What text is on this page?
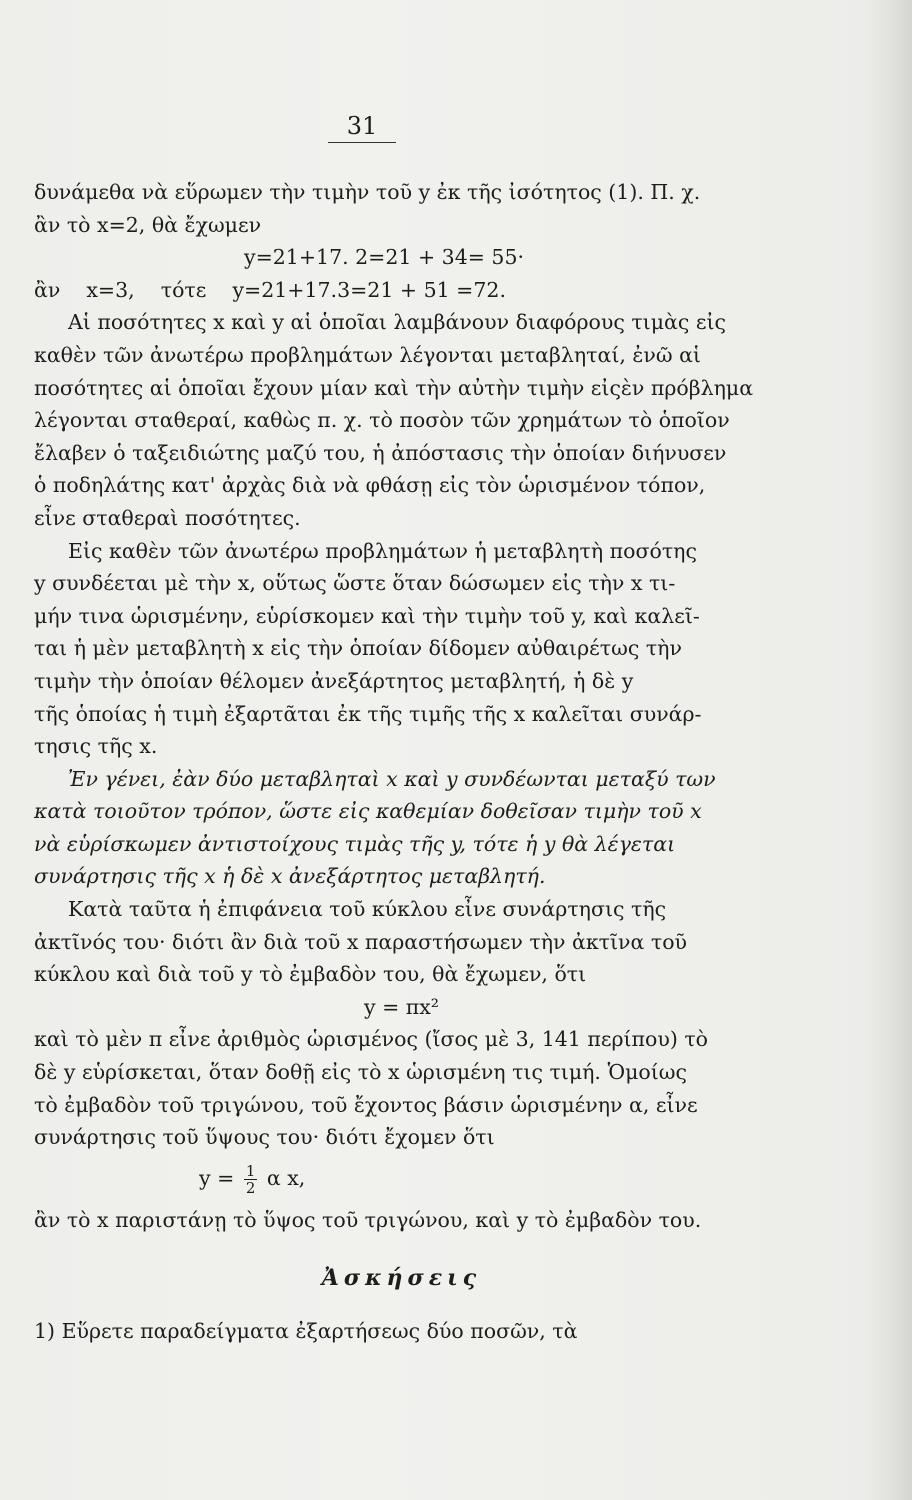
31
δυνάμεθα νὰ εὕρωμεν τὴν τιμὴν τοῦ y ἐκ τῆς ἰσότητος (1). Π. χ.
ἂν τὸ x=2, θὰ ἔχωμεν
y=21+17. 2=21 + 34= 55·
ἂν    x=3,    τότε    y=21+17.3=21 + 51 =72.
Αἱ ποσότητες x καὶ y αἱ ὁποῖαι λαμβάνουν διαφόρους τιμὰς εἰς
καθὲν τῶν ἀνωτέρω προβλημάτων λέγονται μεταβληταί, ἐνῶ αἱ
ποσότητες αἱ ὁποῖαι ἔχουν μίαν καὶ τὴν αὐτὴν τιμὴν εἰςὲν πρόβλημα
λέγονται σταθεραί, καθὼς π. χ. τὸ ποσὸν τῶν χρημάτων τὸ ὁποῖον
ἔλαβεν ὁ ταξειδιώτης μαζύ του, ἡ ἀπόστασις τὴν ὁποίαν διήνυσεν
ὁ ποδηλάτης κατ' ἀρχὰς διὰ νὰ φθάσῃ εἰς τὸν ὡρισμένον τόπον,
εἶνε σταθεραὶ ποσότητες.
Εἰς καθὲν τῶν ἀνωτέρω προβλημάτων ἡ μεταβλητὴ ποσότης
y συνδέεται μὲ τὴν x, οὕτως ὥστε ὅταν δώσωμεν εἰς τὴν x τι-
μήν τινα ὡρισμένην, εὑρίσκομεν καὶ τὴν τιμὴν τοῦ y, καὶ καλεῖ-
ται ἡ μὲν μεταβλητὴ x εἰς τὴν ὁποίαν δίδομεν αὐθαιρέτως τὴν
τιμὴν τὴν ὁποίαν θέλομεν ἀνεξάρτητος μεταβλητή, ἡ δὲ y
τῆς ὁποίας ἡ τιμὴ ἐξαρτᾶται ἐκ τῆς τιμῆς τῆς x καλεῖται συνάρ-
τησις τῆς x.
Ἐν γένει, ἐὰν δύο μεταβληταὶ x καὶ y συνδέωνται μεταξύ των
κατὰ τοιοῦτον τρόπον, ὥστε εἰς καθεμίαν δοθεῖσαν τιμὴν τοῦ x
νὰ εὑρίσκωμεν ἀντιστοίχους τιμὰς τῆς y, τότε ἡ y θὰ λέγεται
συνάρτησις τῆς x ἡ δὲ x ἀνεξάρτητος μεταβλητή.
Κατὰ ταῦτα ἡ ἐπιφάνεια τοῦ κύκλου εἶνε συνάρτησις τῆς
ἀκτῖνός του· διότι ἂν διὰ τοῦ x παραστήσωμεν τὴν ἀκτῖνα τοῦ
κύκλου καὶ διὰ τοῦ y τὸ ἐμβαδὸν του, θὰ ἔχωμεν, ὅτι
y = πx²
καὶ τὸ μὲν π εἶνε ἀριθμὸς ὡρισμένος (ἴσος μὲ 3, 141 περίπου) τὸ
δὲ y εὑρίσκεται, ὅταν δοθῇ εἰς τὸ x ὡρισμένη τις τιμή. Ὁμοίως
τὸ ἐμβαδὸν τοῦ τριγώνου, τοῦ ἔχοντος βάσιν ὡρισμένην α, εἶνε
συνάρτησις τοῦ ὕψους του· διότι ἔχομεν ὅτι
$y = \frac{1}{2}$ α x,
ἂν τὸ x παριστάνῃ τὸ ὕψος τοῦ τριγώνου, καὶ y τὸ ἐμβαδὸν του.
Ἀσκήσεις
1) Εὕρετε παραδείγματα ἐξαρτήσεως δύο ποσῶν, τὰ
